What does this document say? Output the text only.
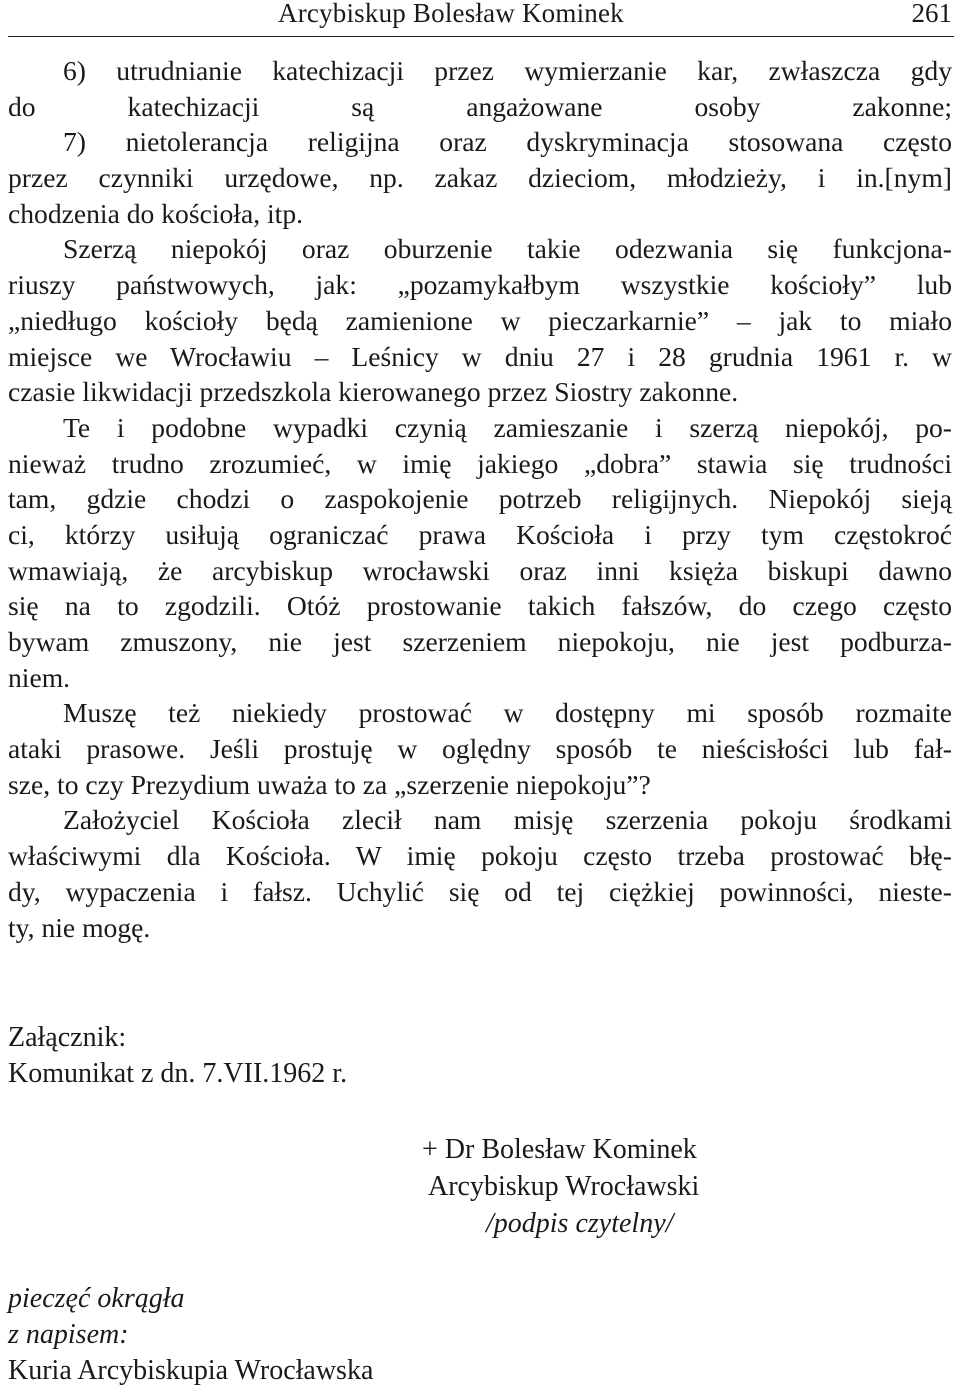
Arcybiskup Bolesław Kominek	261
6) utrudnianie katechizacji przez wymierzanie kar, zwłaszcza gdy
do katechizacji są angażowane osoby zakonne;
7) nietolerancja religijna oraz dyskryminacja stosowana często
przez czynniki urzędowe, np. zakaz dzieciom, młodzieży, i in.[nym]
chodzenia do kościoła, itp.
Szerzą niepokój oraz oburzenie takie odezwania się funkcjona-
riuszy państwowych, jak: „pozamykałbym wszystkie kościoły” lub
„niedługo kościoły będą zamienione w pieczarkarnie” – jak to miało
miejsce we Wrocławiu – Leśnicy w dniu 27 i 28 grudnia 1961 r. w
czasie likwidacji przedszkola kierowanego przez Siostry zakonne.
Te i podobne wypadki czynią zamieszanie i szerzą niepokój, po-
nieważ trudno zrozumieć, w imię jakiego „dobra” stawia się trudności
tam, gdzie chodzi o zaspokojenie potrzeb religijnych. Niepokój sieją
ci, którzy usiłują ograniczać prawa Kościoła i przy tym częstokroć
wmawiają, że arcybiskup wrocławski oraz inni księża biskupi dawno
się na to zgodzili. Otóż prostowanie takich fałszów, do czego często
bywam zmuszony, nie jest szerzeniem niepokoju, nie jest podburza-
niem.
Muszę też niekiedy prostować w dostępny mi sposób rozmaite
ataki prasowe. Jeśli prostuję w oględny sposób te nieścisłości lub fał-
sze, to czy Prezydium uważa to za „szerzenie niepokoju”?
Założyciel Kościoła zlecił nam misję szerzenia pokoju środkami
właściwymi dla Kościoła. W imię pokoju często trzeba prostować błę-
dy, wypaczenia i fałsz. Uchylić się od tej ciężkiej powinności, nieste-
ty, nie mogę.
Załącznik:
Komunikat z dn. 7.VII.1962 r.
+ Dr Bolesław Kominek
Arcybiskup Wrocławski
/podpis czytelny/
pieczęć okrągła
z napisem:
Kuria Arcybiskupia Wrocławska
